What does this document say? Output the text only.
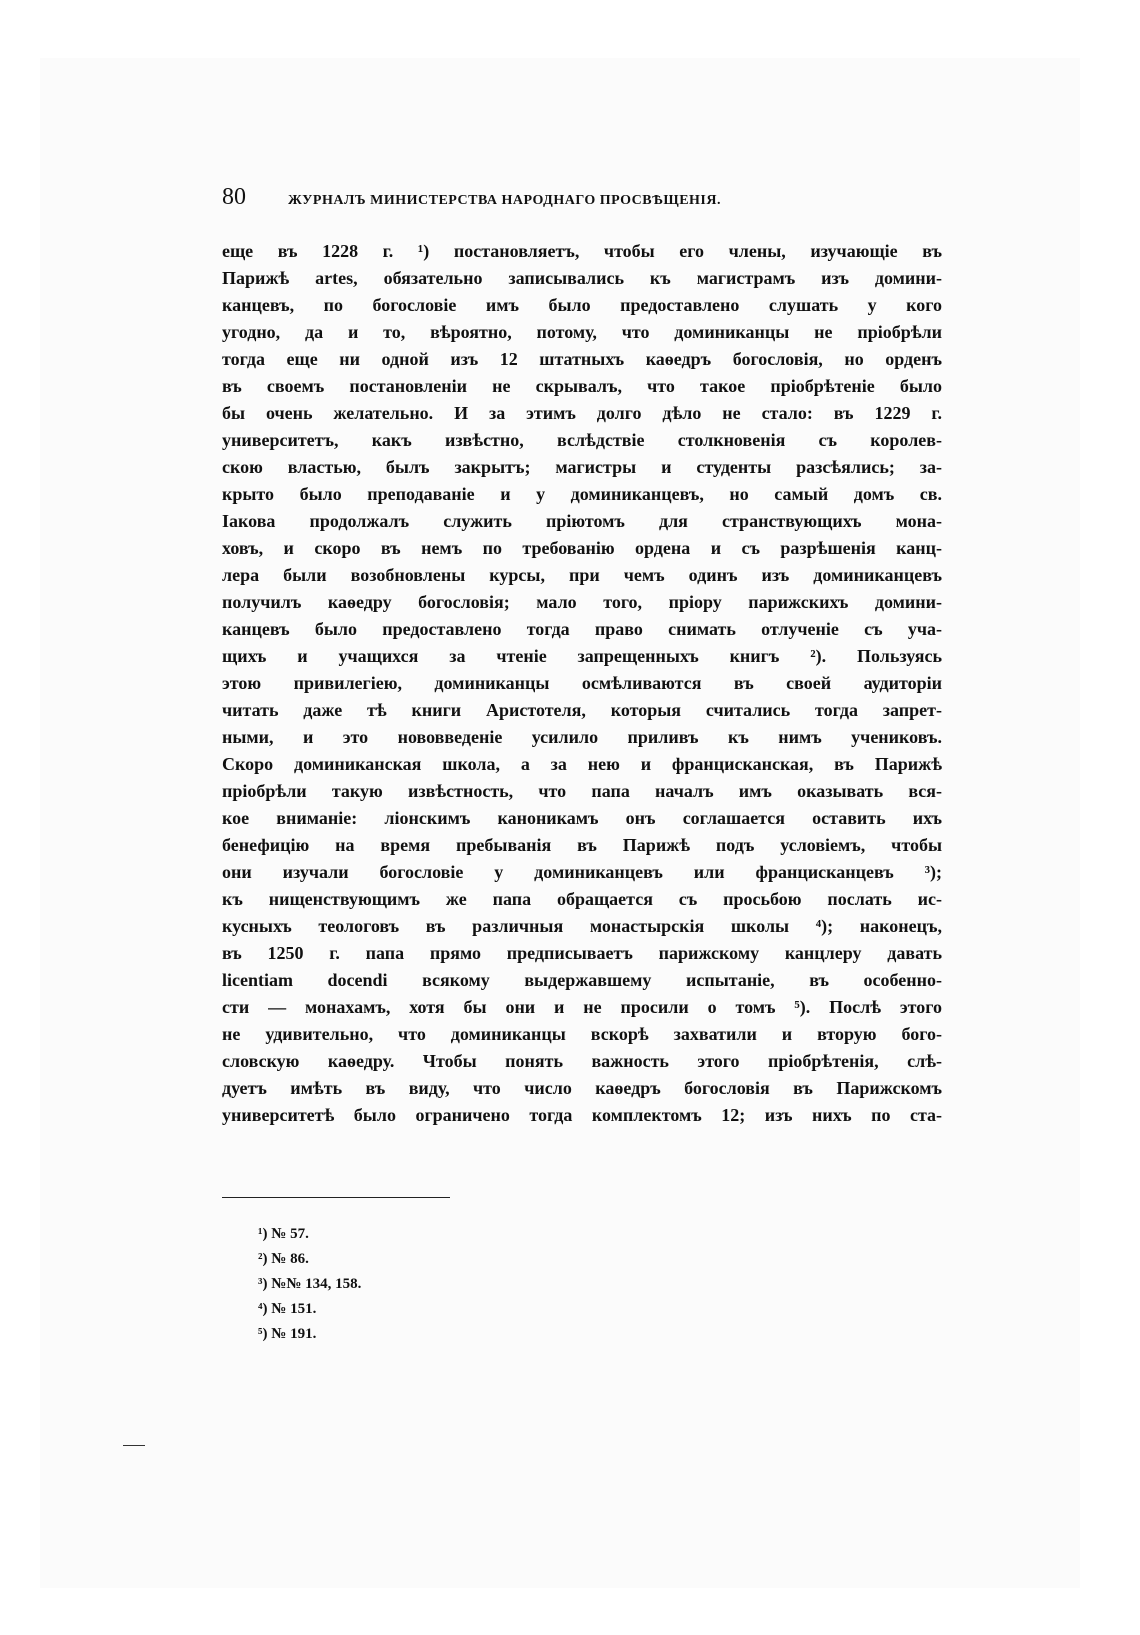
80	ЖУРНАЛЪ МИНИСТЕРСТВА НАРОДНАГО ПРОСВѢЩЕНІЯ.
еще въ 1228 г. ¹) постановляетъ, чтобы его члены, изучающіе въ
Парижѣ artes, обязательно записывались къ магистрамъ изъ домини-
канцевъ, по богословіе имъ было предоставлено слушать у кого
угодно, да и то, вѣроятно, потому, что доминиканцы не пріобрѣли
тогда еще ни одной изъ 12 штатныхъ каѳедръ богословія, но орденъ
въ своемъ постановленіи не скрывалъ, что такое пріобрѣтеніе было
бы очень желательно. И за этимъ долго дѣло не стало: въ 1229 г.
университетъ, какъ извѣстно, вслѣдствіе столкновенія съ королев-
скою властью, былъ закрытъ; магистры и студенты разсѣялись; за-
крыто было преподаваніе и у доминиканцевъ, но самый домъ св.
Іакова продолжалъ служить пріютомъ для странствующихъ мона-
ховъ, и скоро въ немъ по требованію ордена и съ разрѣшенія канц-
лера были возобновлены курсы, при чемъ одинъ изъ доминиканцевъ
получилъ каѳедру богословія; мало того, пріору парижскихъ домини-
канцевъ было предоставлено тогда право снимать отлученіе съ уча-
щихъ и учащихся за чтеніе запрещенныхъ книгъ ²). Пользуясь
этою привилегіею, доминиканцы осмѣливаются въ своей аудиторіи
читать даже тѣ книги Аристотеля, которыя считались тогда запрет-
ными, и это нововведеніе усилило приливъ къ нимъ учениковъ.
Скоро доминиканская школа, а за нею и францисканская, въ Парижѣ
пріобрѣли такую извѣстность, что папа началъ имъ оказывать вся-
кое вниманіе: ліонскимъ каноникамъ онъ соглашается оставить ихъ
бенефицію на время пребыванія въ Парижѣ подъ условіемъ, чтобы
они изучали богословіе у доминиканцевъ или францисканцевъ ³);
къ нищенствующимъ же папа обращается съ просьбою послать ис-
кусныхъ теологовъ въ различныя монастырскія школы ⁴); наконецъ,
въ 1250 г. папа прямо предписываетъ парижскому канцлеру давать
licentiam docendi всякому выдержавшему испытаніе, въ особенно-
сти — монахамъ, хотя бы они и не просили о томъ ⁵). Послѣ этого
не удивительно, что доминиканцы вскорѣ захватили и вторую бого-
словскую каѳедру. Чтобы понять важность этого пріобрѣтенія, слѣ-
дуетъ имѣть въ виду, что число каѳедръ богословія въ Парижскомъ
университетѣ было ограничено тогда комплектомъ 12; изъ нихъ по ста-
¹) № 57.
²) № 86.
³) №№ 134, 158.
⁴) № 151.
⁵) № 191.
